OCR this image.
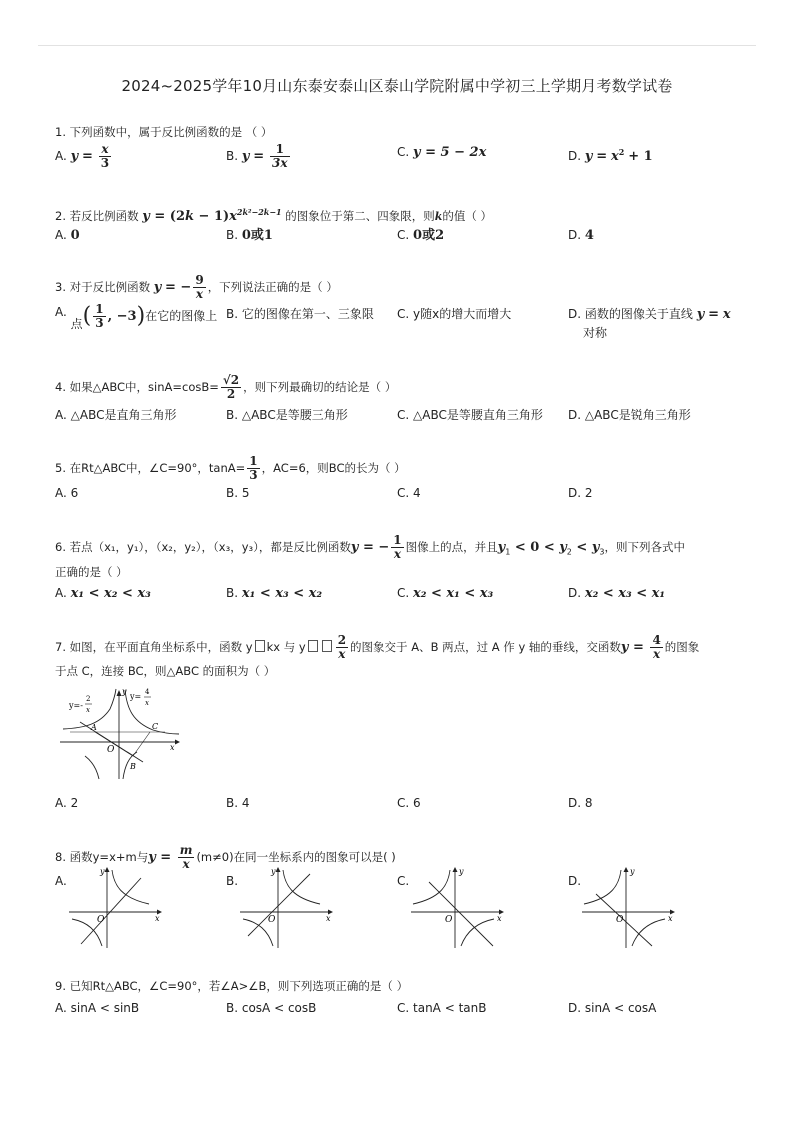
2024~2025学年10月山东泰安泰山区泰山学院附属中学初三上学期月考数学试卷
1. 下列函数中，属于反比例函数的是 （ ）
A. $y = \frac{x}{3}$	B. $y = \frac{1}{3x}$	C. y = 5 − 2x	D. $y = x^2 + 1$
2. 若反比例函数 $y = (2k - 1)x^{2k^2-2k-1}$ 的图象位于第二、四象限，则k的值（ ）
A. 0	B. 0或1	C. 0或2	D. 4
3. 对于反比例函数 y = − $\frac{9}{x}$ ，下列说法正确的是（ ）
A. 点( $\frac{1}{3}$ , −3)在它的图像上 B. 它的图像在第一、三象限 C. y随x的增大而增大	D. 函数的图像关于直线 y = x
对称
4. 如果△ABC中，$\sin A=\cos B= \frac{√2}{2}$ ，则下列最确切的结论是（ ）
A. △ABC是直角三角形	B. △ABC是等腰三角形	C. △ABC是等腰直角三角形 D. △ABC是锐角三角形
5. 在Rt△ABC中，∠C=90°，$\tan A= \frac{1}{3}$ ，AC=6，则BC的长为（ ）
A. 6	B. 5	C. 4	D. 2
6. 若点（x₁，y₁），（x₂，y₂），（x₃，y₃），都是反比例函数y = − $\frac{1}{x}$ 图像上的点，并且$y_1 < 0 < y_2 < y_3$，则下列各式中
正确的是（ ）
A. x₁ < x₂ < x₃	B. x₁ < x₃ < x₂	C. x₂ < x₁ < x₃	D. x₂ < x₃ < x₁
7. 如图，在平面直角坐标系中，函数 y kx 与 y	$\frac{2}{x}$ 的图象交于 A、B 两点，过 A 作 y 轴的垂线，交函数$y = \frac{4}{x}$ 的图象
于点 C，连接 BC，则△ABC 的面积为（ ）
A	C
B
O	x
y
y=-
2
x
y= 4
x
A. 2	B. 4	C. 6	D. 8
8. 函数y=x+m与$y = \frac{m}{x} (m\ne 0)$在同一坐标系内的图象可以是( )
A.	B.	C.	D.
O	x
y
O	x
y
O	x
y
O	x
y
9. 已知Rt△ABC，∠C=90°，若∠A>∠B，则下列选项正确的是（ ）
A. sinA < sinB	B. cosA < cosB	C. tanA < tanB	D. sinA < cosA
